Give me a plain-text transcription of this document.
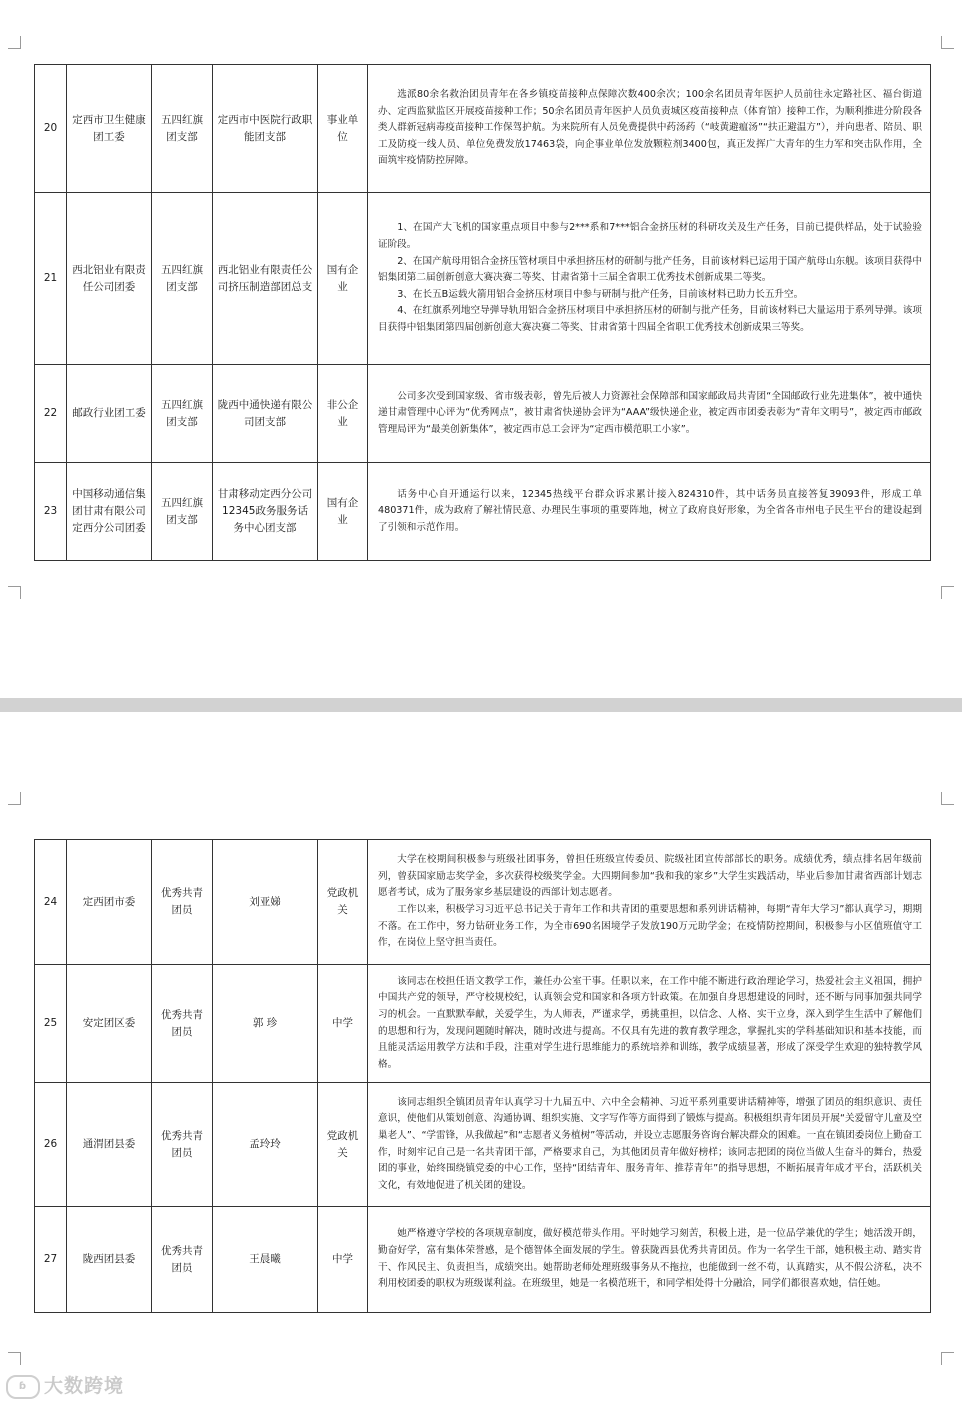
20	定西市卫生健康团工委	五四红旗团支部	定西市中医院行政职能团支部	事业单位	选派80余名救治团员青年在各乡镇疫苗接种点保障次数400余次；100余名团员青年医护人员前往永定路社区、福台街道办、定西监狱监区开展疫苗接种工作；50余名团员青年医护人员负责城区疫苗接种点（体育馆）接种工作，为顺利推进分阶段各类人群新冠病毒疫苗接种工作保驾护航。为来院所有人员免费提供中药汤药（“岐黄避瘟汤”“扶正避温方”），并向患者、陪员、职工及防疫一线人员、单位免费发放17463袋，向企事业单位发放颗粒剂3400包，真正发挥广大青年的生力军和突击队作用，全面筑牢疫情防控屏障。

21	西北铝业有限责任公司团委	五四红旗团支部	西北铝业有限责任公司挤压制造部团总支	国有企业	1、在国产大飞机的国家重点项目中参与2***系和7***铝合金挤压材的科研攻关及生产任务，目前已提供样品，处于试验验证阶段。

2、在国产航母用铝合金挤压管材项目中承担挤压材的研制与批产任务，目前该材料已运用于国产航母山东舰。该项目获得中铝集团第二届创新创意大赛决赛二等奖、甘肃省第十三届全省职工优秀技术创新成果二等奖。

3、在长五B运载火箭用铝合金挤压材项目中参与研制与批产任务，目前该材料已助力长五升空。

4、在红旗系列地空导弹导轨用铝合金挤压材项目中承担挤压材的研制与批产任务，目前该材料已大量运用于系列导弹。该项目获得中铝集团第四届创新创意大赛决赛二等奖、甘肃省第十四届全省职工优秀技术创新成果三等奖。

22	邮政行业团工委	五四红旗团支部	陇西中通快递有限公司团支部	非公企业	公司多次受到国家级、省市级表彰，曾先后被人力资源社会保障部和国家邮政局共青团“全国邮政行业先进集体”，被中通快递甘肃管理中心评为“优秀网点”，被甘肃省快递协会评为“AAA”级快递企业，被定西市团委表彰为“青年文明号”，被定西市邮政管理局评为“最美创新集体”，被定西市总工会评为“定西市模范职工小家”。

23	中国移动通信集团甘肃有限公司定西分公司团委	五四红旗团支部	甘肃移动定西分公司12345政务服务话务中心团支部	国有企业	话务中心自开通运行以来，12345热线平台群众诉求累计接入824310件，其中话务员直接答复39093件，形成工单480371件，成为政府了解社情民意、办理民生事项的重要阵地，树立了政府良好形象，为全省各市州电子民生平台的建设起到了引领和示范作用。

24	定西团市委	优秀共青团员	刘亚娣	党政机关	大学在校期间积极参与班级社团事务，曾担任班级宣传委员、院级社团宣传部部长的职务。成绩优秀，绩点排名居年级前列，曾获国家励志奖学金，多次获得校级奖学金。大四期间参加“我和我的家乡”大学生实践活动，毕业后参加甘肃省西部计划志愿者考试，成为了服务家乡基层建设的西部计划志愿者。

工作以来，积极学习习近平总书记关于青年工作和共青团的重要思想和系列讲话精神，每期“青年大学习”都认真学习，期期不落。在工作中，努力钻研业务工作，为全市690名困境学子发放190万元助学金；在疫情防控期间，积极参与小区值班值守工作，在岗位上坚守担当责任。

25	安定团区委	优秀共青团员	郭 珍	中学	该同志在校担任语文教学工作，兼任办公室干事。任职以来，在工作中能不断进行政治理论学习，热爱社会主义祖国，拥护中国共产党的领导，严守校规校纪，认真领会党和国家和各项方针政策。在加强自身思想建设的同时，还不断与同事加强共同学习的机会。一直默默奉献，关爱学生，为人师表，严谨求学，勇挑重担，以信念、人格、实干立身，深入到学生生活中了解他们的思想和行为，发现问题随时解决，随时改进与提高。不仅具有先进的教育教学理念，掌握扎实的学科基础知识和基本技能，而且能灵活运用教学方法和手段，注重对学生进行思维能力的系统培养和训练，教学成绩显著，形成了深受学生欢迎的独特教学风格。

26	通渭团县委	优秀共青团员	孟玲玲	党政机关	该同志组织全镇团员青年认真学习十九届五中、六中全会精神、习近平系列重要讲话精神等，增强了团员的组织意识、责任意识，使他们从策划创意、沟通协调、组织实施、文字写作等方面得到了锻炼与提高。积极组织青年团员开展“关爱留守儿童及空巢老人”、“学雷锋，从我做起”和“志愿者义务植树”等活动，并设立志愿服务咨询台解决群众的困难。一直在镇团委岗位上勤奋工作，时刻牢记自己是一名共青团干部，严格要求自己，为其他团员青年做好榜样；该同志把团的岗位当做人生奋斗的舞台，热爱团的事业，始终围绕镇党委的中心工作，坚持“团结青年、服务青年、推荐青年”的指导思想，不断拓展青年成才平台，活跃机关文化，有效地促进了机关团的建设。

27	陇西团县委	优秀共青团员	王晨曦	中学	她严格遵守学校的各项规章制度，做好模范带头作用。平时她学习刻苦，积极上进，是一位品学兼优的学生；她活泼开朗，勤奋好学，富有集体荣誉感，是个德智体全面发展的学生。曾获陇西县优秀共青团员。作为一名学生干部，她积极主动、踏实肯干、作风民主、负责担当，成绩突出。她帮助老师处理班级事务从不拖拉，也能做到一丝不苟，认真踏实，从不假公济私，决不利用校团委的职权为班级谋利益。在班级里，她是一名模范班干，和同学相处得十分融洽，同学们都很喜欢她，信任她。

ɓ 大数跨境
